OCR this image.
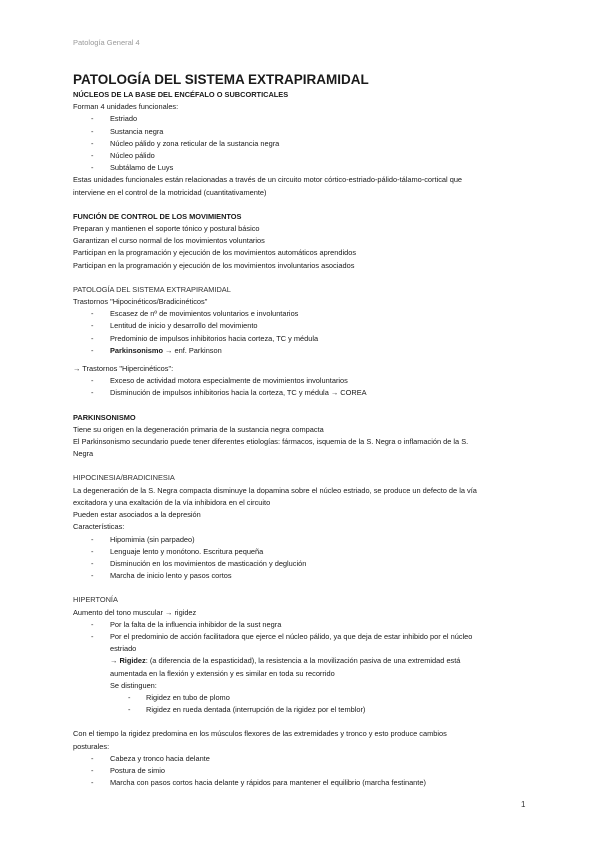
Patología General 4

PATOLOGÍA DEL SISTEMA EXTRAPIRAMIDAL

NÚCLEOS DE LA BASE DEL ENCÉFALO O SUBCORTICALES

Forman 4 unidades funcionales:

- Estriado
- Sustancia negra
- Núcleo pálido y zona reticular de la sustancia negra
- Núcleo pálido
- Subtálamo de Luys

Estas unidades funcionales están relacionadas a través de un circuito motor córtico-estriado-pálido-tálamo-cortical que

interviene en el control de la motricidad (cuantitativamente)

FUNCIÓN DE CONTROL DE LOS MOVIMIENTOS

Preparan y mantienen el soporte tónico y postural básico

Garantizan el curso normal de los movimientos voluntarios

Participan en la programación y ejecución de los movimientos automáticos aprendidos

Participan en la programación y ejecución de los movimientos involuntarios asociados

PATOLOGÍA DEL SISTEMA EXTRAPIRAMIDAL

Trastornos "Hipocinéticos/Bradicinéticos"

- Escasez de nº de movimientos voluntarios e involuntarios
- Lentitud de inicio y desarrollo del movimiento
- Predominio de impulsos inhibitorios hacia corteza, TC y médula
- Parkinsonismo → enf. Parkinson

→ Trastornos "Hipercinéticos":

- Exceso de actividad motora especialmente de movimientos involuntarios
- Disminución de impulsos inhibitorios hacia la corteza, TC y médula → COREA

PARKINSONISMO

Tiene su origen en la degeneración primaria de la sustancia negra compacta

El Parkinsonismo secundario puede tener diferentes etiologías: fármacos, isquemia de la S. Negra o inflamación de la S.

Negra

HIPOCINESIA/BRADICINESIA

La degeneración de la S. Negra compacta disminuye la dopamina sobre el núcleo estriado, se produce un defecto de la vía

excitadora y una exaltación de la vía inhibidora en el circuito

Pueden estar asociados a la depresión

Características:

- Hipomimia (sin parpadeo)
- Lenguaje lento y monótono. Escritura pequeña
- Disminución en los movimientos de masticación y deglución
- Marcha de inicio lento y pasos cortos

HIPERTONÍA

Aumento del tono muscular → rigidez

- Por la falta de la influencia inhibidor de la sust negra
- Por el predominio de acción facilitadora que ejerce el núcleo pálido, ya que deja de estar inhibido por el núcleo

estriado

→ Rigidez: (a diferencia de la espasticidad), la resistencia a la movilización pasiva de una extremidad está

aumentada en la flexión y extensión y es similar en toda su recorrido

Se distinguen:

- Rigidez en tubo de plomo
- Rigidez en rueda dentada (interrupción de la rigidez por el temblor)

Con el tiempo la rigidez predomina en los músculos flexores de las extremidades y tronco y esto produce cambios

posturales:

- Cabeza y tronco hacia delante
- Postura de simio
- Marcha con pasos cortos hacia delante y rápidos para mantener el equilibrio (marcha festinante)
1
